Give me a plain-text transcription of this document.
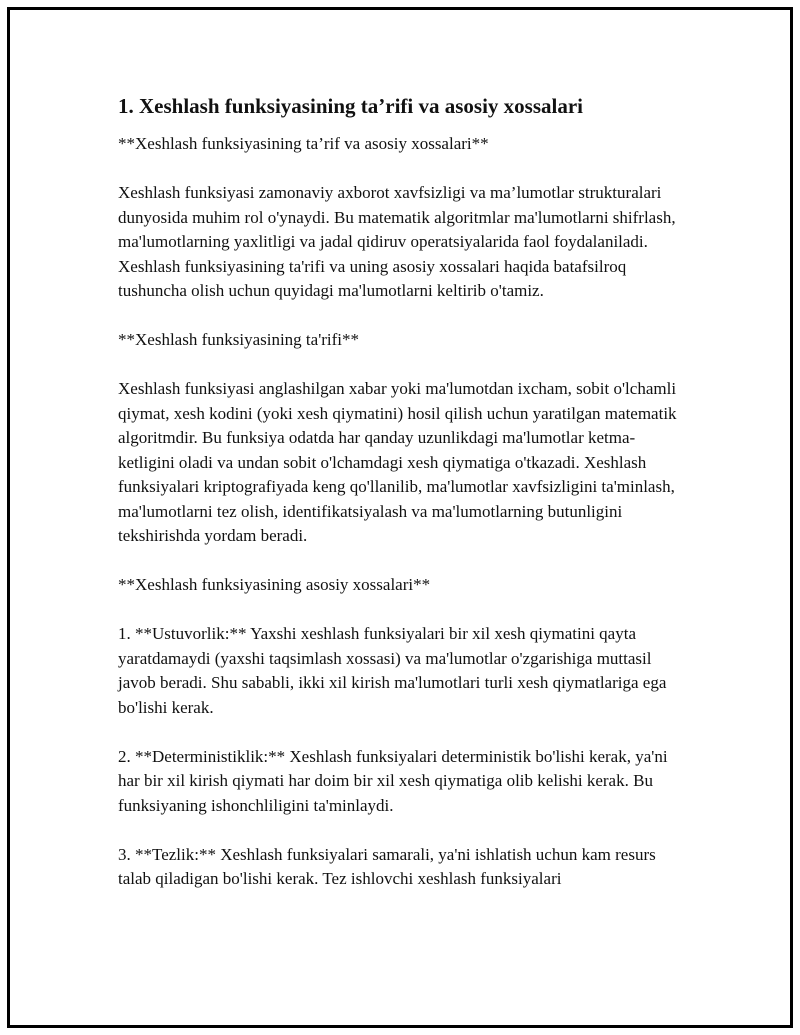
1. Xeshlash funksiyasining ta’rifi va asosiy xossalari

**Xeshlash funksiyasining ta’rif va asosiy xossalari**

Xeshlash funksiyasi zamonaviy axborot xavfsizligi va ma’lumotlar strukturalari dunyosida muhim rol o'ynaydi. Bu matematik algoritmlar ma'lumotlarni shifrlash, ma'lumotlarning yaxlitligi va jadal qidiruv operatsiyalarida faol foydalaniladi. Xeshlash funksiyasining ta'rifi va uning asosiy xossalari haqida batafsilroq tushuncha olish uchun quyidagi ma'lumotlarni keltirib o'tamiz.

**Xeshlash funksiyasining ta'rifi**

Xeshlash funksiyasi anglashilgan xabar yoki ma'lumotdan ixcham, sobit o'lchamli qiymat, xesh kodini (yoki xesh qiymatini) hosil qilish uchun yaratilgan matematik algoritmdir. Bu funksiya odatda har qanday uzunlikdagi ma'lumotlar ketma-ketligini oladi va undan sobit o'lchamdagi xesh qiymatiga o'tkazadi. Xeshlash funksiyalari kriptografiyada keng qo'llanilib, ma'lumotlar xavfsizligini ta'minlash, ma'lumotlarni tez olish, identifikatsiyalash va ma'lumotlarning butunligini tekshirishda yordam beradi.

**Xeshlash funksiyasining asosiy xossalari**

1. **Ustuvorlik:** Yaxshi xeshlash funksiyalari bir xil xesh qiymatini qayta yaratdamaydi (yaxshi taqsimlash xossasi) va ma'lumotlar o'zgarishiga muttasil javob beradi. Shu sababli, ikki xil kirish ma'lumotlari turli xesh qiymatlariga ega bo'lishi kerak.

2. **Deterministiklik:** Xeshlash funksiyalari deterministik bo'lishi kerak, ya'ni har bir xil kirish qiymati har doim bir xil xesh qiymatiga olib kelishi kerak. Bu funksiyaning ishonchliligini ta'minlaydi.

3. **Tezlik:** Xeshlash funksiyalari samarali, ya'ni ishlatish uchun kam resurs talab qiladigan bo'lishi kerak. Tez ishlovchi xeshlash funksiyalari
